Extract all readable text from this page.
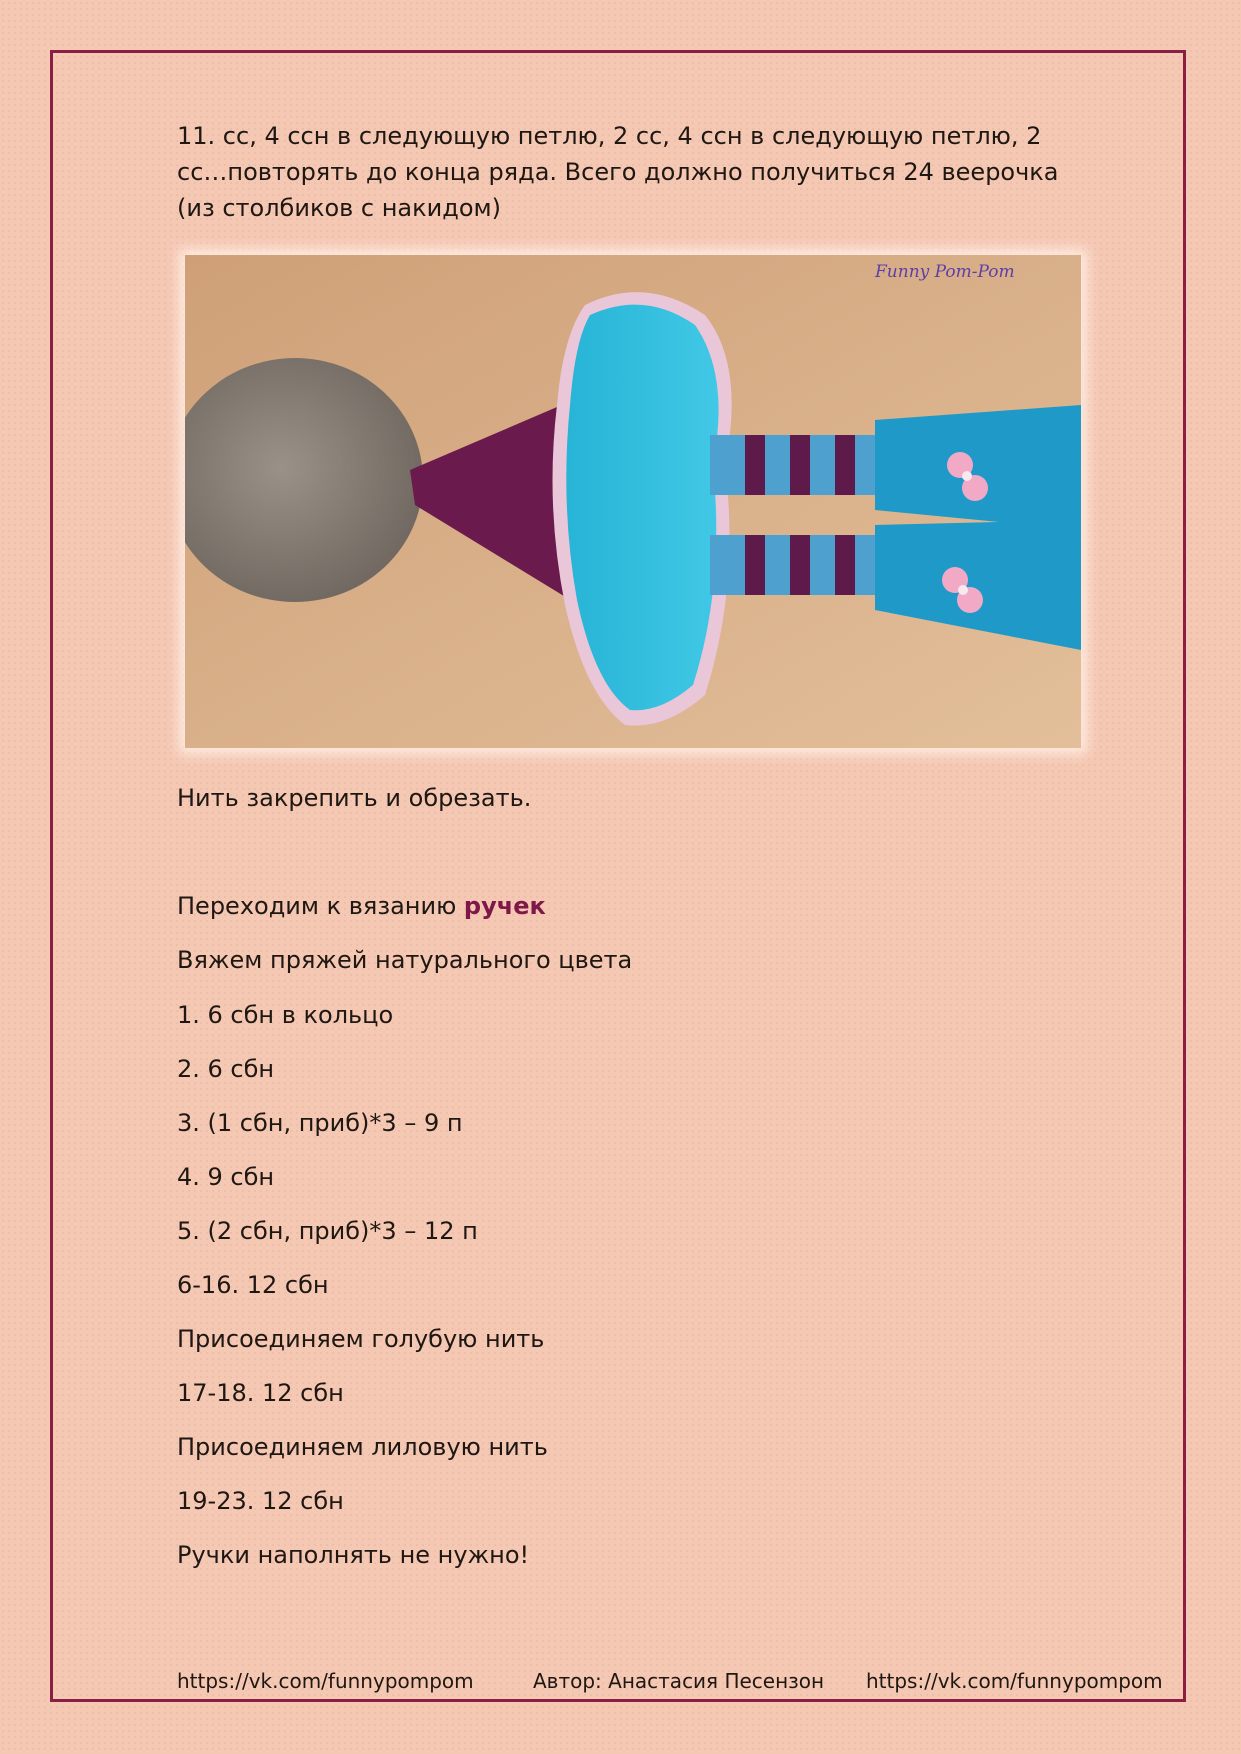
11. сс, 4 ссн в следующую петлю, 2 сс, 4 ссн в следующую петлю, 2 сс…повторять до конца ряда. Всего должно получиться 24 веерочка (из столбиков с накидом)

Funny Pom-Pom
Нить закрепить и обрезать.
Переходим к вязанию ручек
Вяжем пряжей натурального цвета
1. 6 сбн в кольцо
2. 6 сбн
3. (1 сбн, приб)*3 – 9 п
4. 9 сбн
5. (2 сбн, приб)*3 – 12 п
6-16. 12 сбн
Присоединяем голубую нить
17-18. 12 сбн
Присоединяем лиловую нить
19-23. 12 сбн
Ручки наполнять не нужно!
https://vk.com/funnypompom	Автор: Анастасия Песензон https://vk.com/funnypompom
